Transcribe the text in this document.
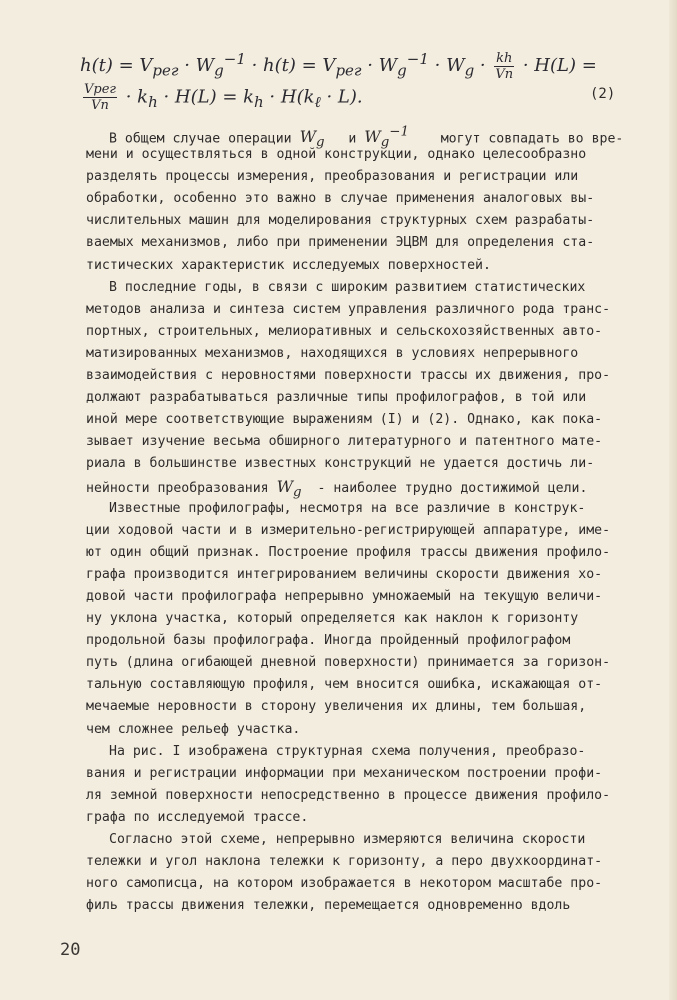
$h(t) = V_{рег} \cdot W_g^{-1} \cdot h(t) = V_{рег} \cdot W_g^{-1} \cdot W_g \cdot \frac{kh}{Vп} \cdot H(L)$ =
$\frac{\text{Vрег}}{Vп} \cdot k_h \cdot H(L) = k_h \cdot H(k_\ell \cdot L)$.	(2)
В общем случае операции $W_g$   и $W_g^{-1}$    могут совпадать во вре-
мени и осуществляться в одной конструкции, однако целесообразно
разделять процессы измерения, преобразования и регистрации или
обработки, особенно это важно в случае применения аналоговых вы-
числительных машин для моделирования структурных схем разрабаты-
ваемых механизмов, либо при применении ЭЦВМ для определения ста-
тистических характеристик исследуемых поверхностей.
В последние годы, в связи с широким развитием статистических
методов анализа и синтеза систем управления различного рода транс-
портных, строительных, мелиоративных и сельскохозяйственных авто-
матизированных механизмов, находящихся в условиях непрерывного
взаимодействия с неровностями поверхности трассы их движения, про-
должают разрабатываться различные типы профилографов, в той или
иной мере соответствующие выражениям (I) и (2). Однако, как пока-
зывает изучение весьма обширного литературного и патентного мате-
риала в большинстве известных конструкций не удается достичь ли-
нейности преобразования $W_g$  - наиболее трудно достижимой цели.
Известные профилографы, несмотря на все различие в конструк-
ции ходовой части и в измерительно-регистрирующей аппаратуре, име-
ют один общий признак. Построение профиля трассы движения профило-
графа производится интегрированием величины скорости движения хо-
довой части профилографа непрерывно умножаемый на текущую величи-
ну уклона участка, который определяется как наклон к горизонту
продольной базы профилографа. Иногда пройденный профилографом
путь (длина огибающей дневной поверхности) принимается за горизон-
тальную составляющую профиля, чем вносится ошибка, искажающая от-
мечаемые неровности в сторону увеличения их длины, тем большая,
чем сложнее рельеф участка.
На рис. I изображена структурная схема получения, преобразо-
вания и регистрации информации при механическом построении профи-
ля земной поверхности непосредственно в процессе движения профило-
графа по исследуемой трассе.
Согласно этой схеме, непрерывно измеряются величина скорости
тележки и угол наклона тележки к горизонту, а перо двухкоординат-
ного самописца, на котором изображается в некотором масштабе про-
филь трассы движения тележки, перемещается одновременно вдоль
20
